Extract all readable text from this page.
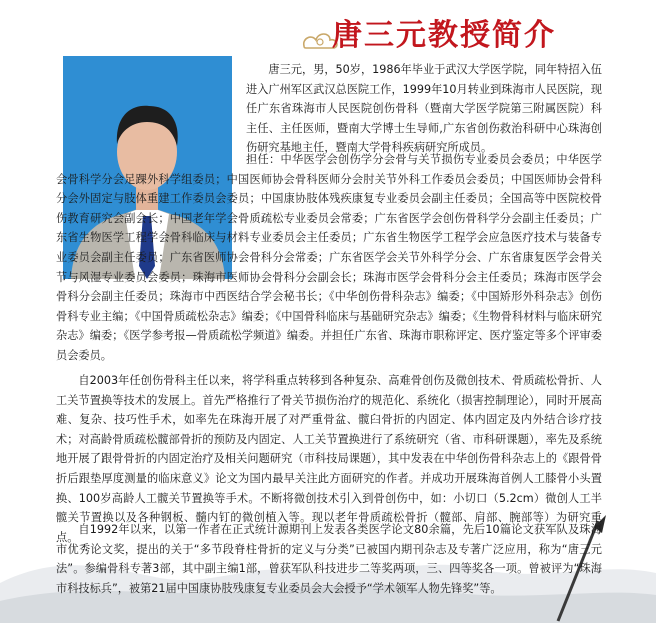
唐三元教授简介
唐三元，男，50岁，1986年毕业于武汉大学医学院，同年特招入伍进入广州军区武汉总医院工作，1999年10月转业到珠海市人民医院，现任广东省珠海市人民医院创伤骨科（暨南大学医学院第三附属医院）科主任、主任医师，暨南大学博士生导师,广东省创伤救治科研中心珠海创伤研究基地主任，暨南大学骨科疾病研究所成员。
担任：中华医学会创伤学分会骨与关节损伤专业委员会委员；中华医学会骨科学分会足踝外科学组委员；中国医师协会骨科医师分会肘关节外科工作委员会委员；中国医师协会骨科分会外固定与肢体重建工作委员会委员；中国康协肢体残疾康复专业委员会副主任委员；全国高等中医院校骨伤教育研究会副会长；中国老年学会骨质疏松专业委员会常委；广东省医学会创伤骨科学分会副主任委员；广东省生物医学工程学会骨科临床与材料专业委员会主任委员；广东省生物医学工程学会应急医疗技术与装备专业委员会副主任委员；广东省医师协会骨科分会常委；广东省医学会关节外科学分会、广东省康复医学会骨关节与风湿专业委员会委员；珠海市医师协会骨科分会副会长；珠海市医学会骨科分会主任委员；珠海市医学会骨科分会副主任委员；珠海市中西医结合学会秘书长；《中华创伤骨科杂志》编委；《中国矫形外科杂志》创伤骨科专业主编；《中国骨质疏松杂志》编委；《中国骨科临床与基础研究杂志》编委；《生物骨科材料与临床研究杂志》编委；《医学参考报—骨质疏松学频道》编委。并担任广东省、珠海市职称评定、医疗鉴定等多个评审委员会委员。
自2003年任创伤骨科主任以来，将学科重点转移到各种复杂、高难骨创伤及微创技术、骨质疏松骨折、人工关节置换等技术的发展上。首先严格推行了骨关节损伤治疗的规范化、系统化（损害控制理论），同时开展高难、复杂、技巧性手术，如率先在珠海开展了对严重骨盆、髋臼骨折的内固定、体内固定及内外结合诊疗技术；对高龄骨质疏松髋部骨折的预防及内固定、人工关节置换进行了系统研究（省、市科研课题），率先及系统地开展了跟骨骨折的内固定治疗及相关问题研究（市科技局课题），其中发表在中华创伤骨科杂志上的《跟骨骨折后跟垫厚度测量的临床意义》论文为国内最早关注此方面研究的作者。并成功开展珠海首例人工膝骨小头置换、100岁高龄人工髋关节置换等手术。不断将微创技术引入到骨创伤中，如：小切口（5.2cm）微创人工半髋关节置换以及各种钢板、髓内钉的微创植入等。现以老年骨质疏松骨折（髋部、肩部、腕部等）为研究重点。
自1992年以来，以第一作者在正式统计源期刊上发表各类医学论文80余篇，先后10篇论文获军队及珠海市优秀论文奖，提出的关于“多节段脊柱骨折的定义与分类”已被国内期刊杂志及专著广泛应用，称为“唐三元法”。参编骨科专著3部，其中副主编1部，曾获军队科技进步二等奖两项，三、四等奖各一项。曾被评为“珠海市科技标兵”，被第21届中国康协肢残康复专业委员会大会授予“学术领军人物先锋奖”等。
